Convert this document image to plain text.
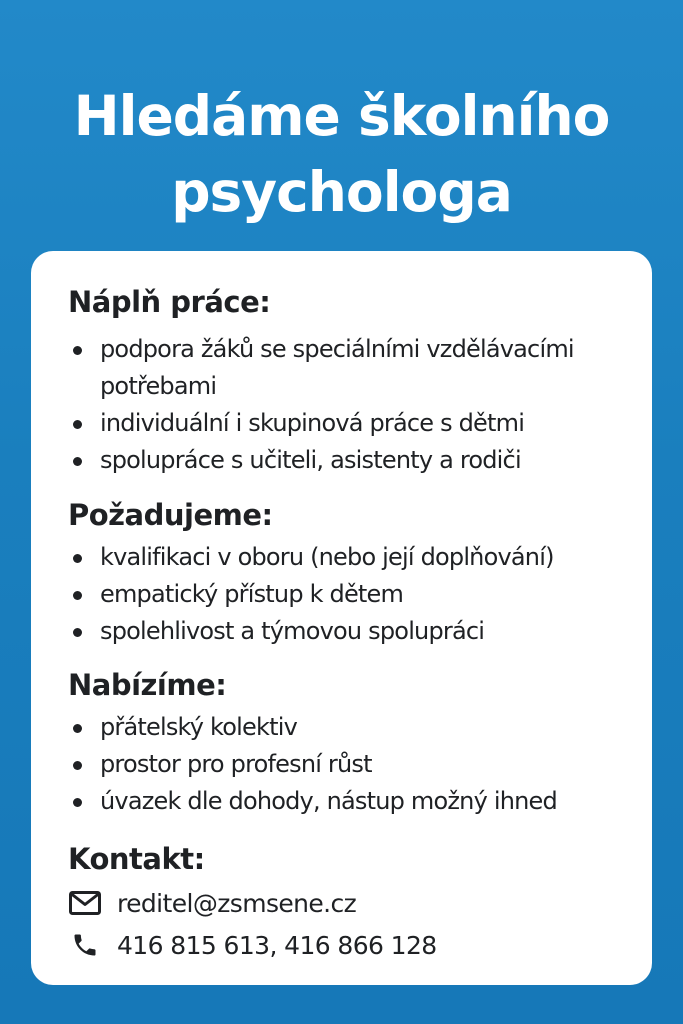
Hledáme školního
psychologa
Náplň práce:
podpora žáků se speciálními vzdělávacími potřebami
individuální i skupinová práce s dětmi
spolupráce s učiteli, asistenty a rodiči
Požadujeme:
kvalifikaci v oboru (nebo její doplňování)
empatický přístup k dětem
spolehlivost a týmovou spolupráci
Nabízíme:
přátelský kolektiv
prostor pro profesní růst
úvazek dle dohody, nástup možný ihned
Kontakt:
reditel@zsmsene.cz
416 815 613, 416 866 128
